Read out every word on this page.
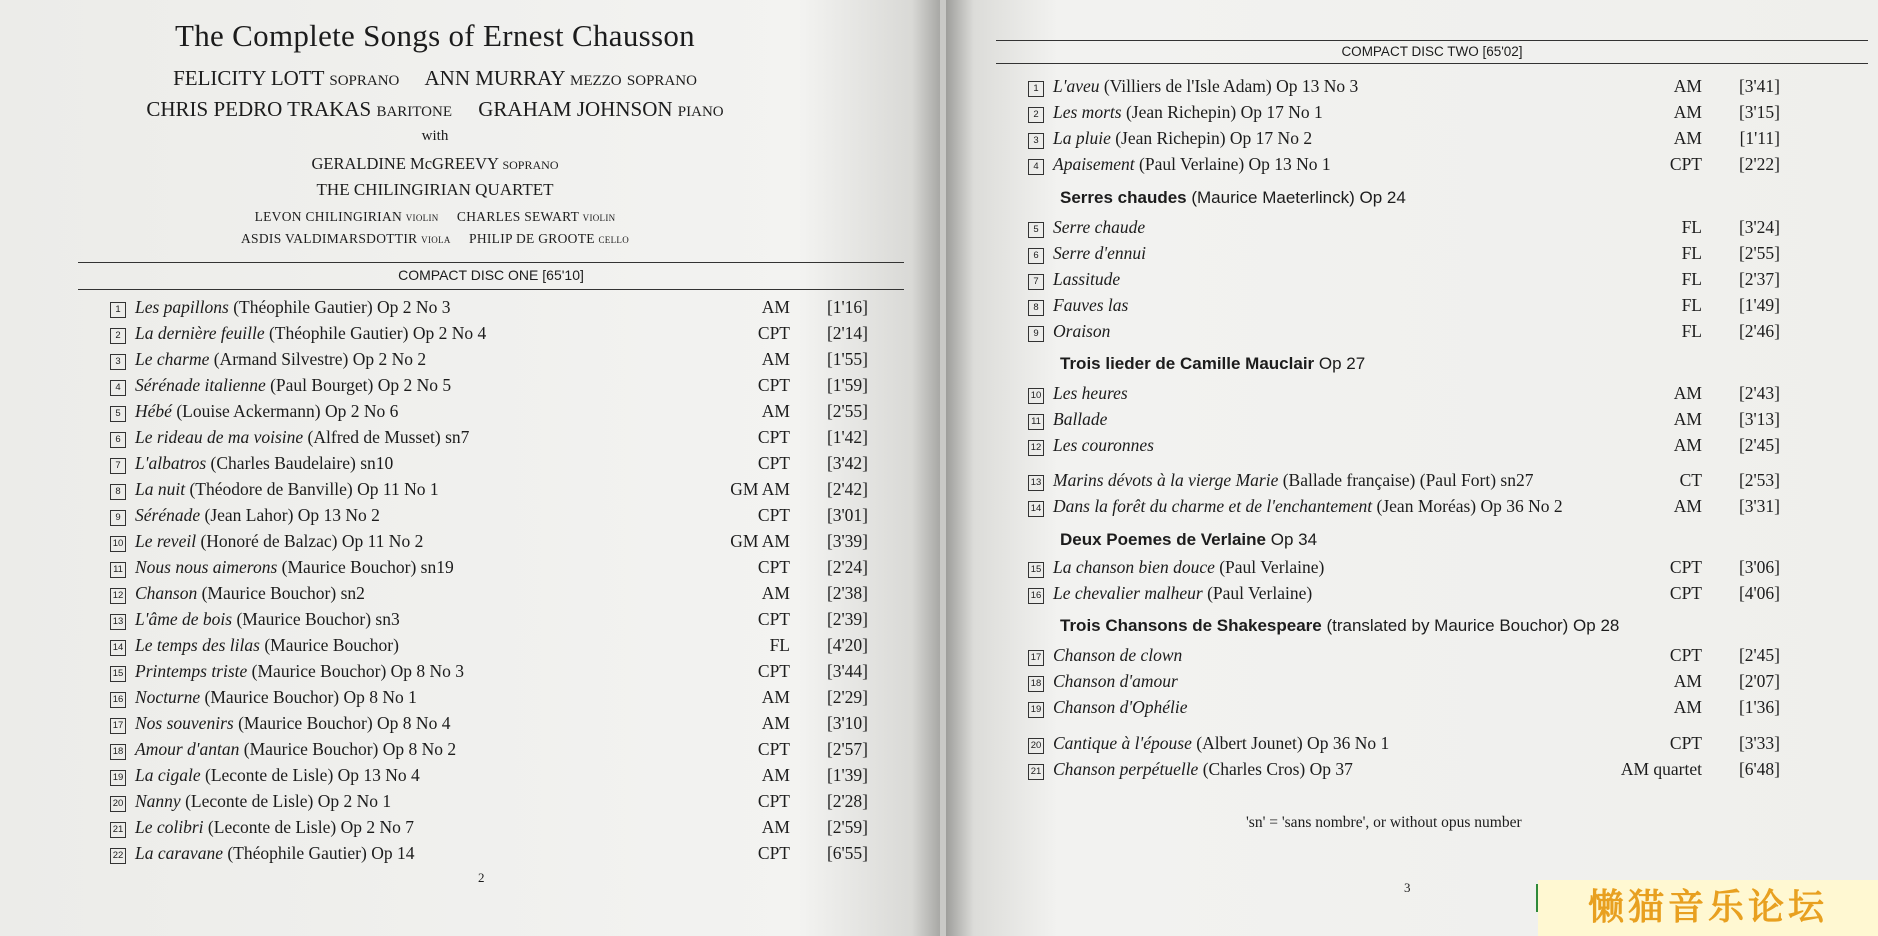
The Complete Songs of Ernest Chausson
FELICITY LOTT soprano ANN MURRAY mezzo soprano
CHRIS PEDRO TRAKAS baritone GRAHAM JOHNSON piano
with
GERALDINE McGREEVY soprano
THE CHILINGIRIAN QUARTET
LEVON CHILINGIRIAN violin CHARLES SEWART violin
ASDIS VALDIMARSDOTTIR viola PHILIP DE GROOTE cello
COMPACT DISC ONE [65'10]
1 Les papillons (Théophile Gautier) Op 2 No 3	AM [1'16]
2 La dernière feuille (Théophile Gautier) Op 2 No 4	CPT [2'14]
3 Le charme (Armand Silvestre) Op 2 No 2	AM [1'55]
4 Sérénade italienne (Paul Bourget) Op 2 No 5	CPT [1'59]
5 Hébé (Louise Ackermann) Op 2 No 6	AM [2'55]
6 Le rideau de ma voisine (Alfred de Musset) sn7	CPT [1'42]
7 L'albatros (Charles Baudelaire) sn10	CPT [3'42]
8 La nuit (Théodore de Banville) Op 11 No 1	GM AM [2'42]
9 Sérénade (Jean Lahor) Op 13 No 2	CPT [3'01]
10 Le reveil (Honoré de Balzac) Op 11 No 2	GM AM [3'39]
11 Nous nous aimerons (Maurice Bouchor) sn19	CPT [2'24]
12 Chanson (Maurice Bouchor) sn2	AM [2'38]
13 L'âme de bois (Maurice Bouchor) sn3	CPT [2'39]
14 Le temps des lilas (Maurice Bouchor)	FL [4'20]
15 Printemps triste (Maurice Bouchor) Op 8 No 3	CPT [3'44]
16 Nocturne (Maurice Bouchor) Op 8 No 1	AM [2'29]
17 Nos souvenirs (Maurice Bouchor) Op 8 No 4	AM [3'10]
18 Amour d'antan (Maurice Bouchor) Op 8 No 2	CPT [2'57]
19 La cigale (Leconte de Lisle) Op 13 No 4	AM [1'39]
20 Nanny (Leconte de Lisle) Op 2 No 1	CPT [2'28]
21 Le colibri (Leconte de Lisle) Op 2 No 7	AM [2'59]
22 La caravane (Théophile Gautier) Op 14	CPT [6'55]
2
COMPACT DISC TWO [65'02]
Serres chaudes (Maurice Maeterlinck) Op 24
Trois lieder de Camille Mauclair Op 27
Deux Poemes de Verlaine Op 34
Trois Chansons de Shakespeare (translated by Maurice Bouchor) Op 28
1 L'aveu (Villiers de l'Isle Adam) Op 13 No 3	AM [3'41]
2 Les morts (Jean Richepin) Op 17 No 1	AM [3'15]
3 La pluie (Jean Richepin) Op 17 No 2	AM [1'11]
4 Apaisement (Paul Verlaine) Op 13 No 1	CPT [2'22]
5 Serre chaude	FL [3'24]
6 Serre d'ennui	FL [2'55]
7 Lassitude	FL [2'37]
8 Fauves las	FL [1'49]
9 Oraison	FL [2'46]
10 Les heures	AM [2'43]
11 Ballade	AM [3'13]
12 Les couronnes	AM [2'45]
13 Marins dévots à la vierge Marie (Ballade française) (Paul Fort) sn27	CT [2'53]
14 Dans la forêt du charme et de l'enchantement (Jean Moréas) Op 36 No 2	AM [3'31]
15 La chanson bien douce (Paul Verlaine)	CPT [3'06]
16 Le chevalier malheur (Paul Verlaine)	CPT [4'06]
17 Chanson de clown	CPT [2'45]
18 Chanson d'amour	AM [2'07]
19 Chanson d'Ophélie	AM [1'36]
20 Cantique à l'épouse (Albert Jounet) Op 36 No 1	CPT [3'33]
21 Chanson perpétuelle (Charles Cros) Op 37	AM quartet [6'48]
'sn' = 'sans nombre', or without opus number
3	懒猫音乐论坛
